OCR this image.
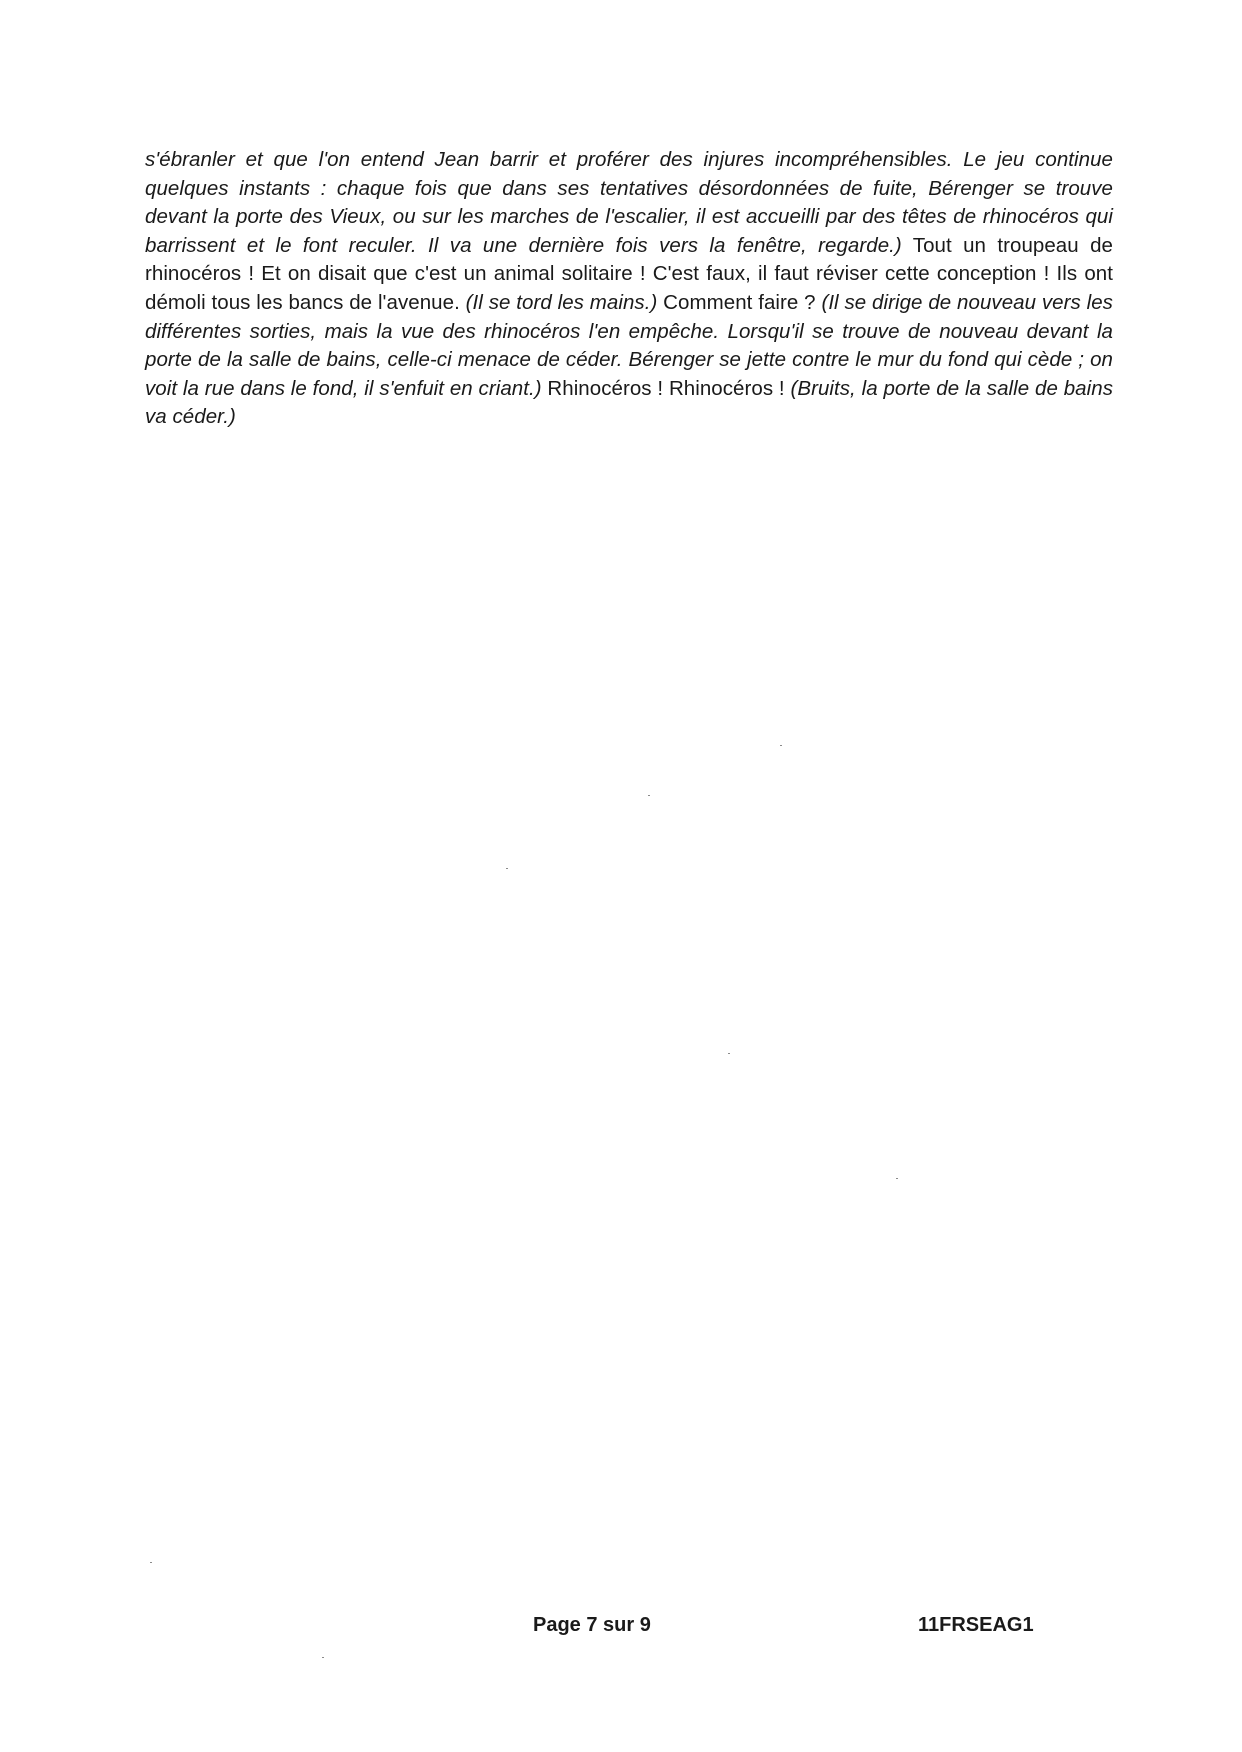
s'ébranler et que l'on entend Jean barrir et proférer des injures incompréhensibles. Le jeu continue quelques instants : chaque fois que dans ses tentatives désordonnées de fuite, Bérenger se trouve devant la porte des Vieux, ou sur les marches de l'escalier, il est accueilli par des têtes de rhinocéros qui barrissent et le font reculer. Il va une dernière fois vers la fenêtre, regarde.) Tout un troupeau de rhinocéros ! Et on disait que c'est un animal solitaire ! C'est faux, il faut réviser cette conception ! Ils ont démoli tous les bancs de l'avenue. (Il se tord les mains.) Comment faire ? (Il se dirige de nouveau vers les différentes sorties, mais la vue des rhinocéros l'en empêche. Lorsqu'il se trouve de nouveau devant la porte de la salle de bains, celle-ci menace de céder. Bérenger se jette contre le mur du fond qui cède ; on voit la rue dans le fond, il s'enfuit en criant.) Rhinocéros ! Rhinocéros ! (Bruits, la porte de la salle de bains va céder.)

Page 7 sur 9	11FRSEAG1
